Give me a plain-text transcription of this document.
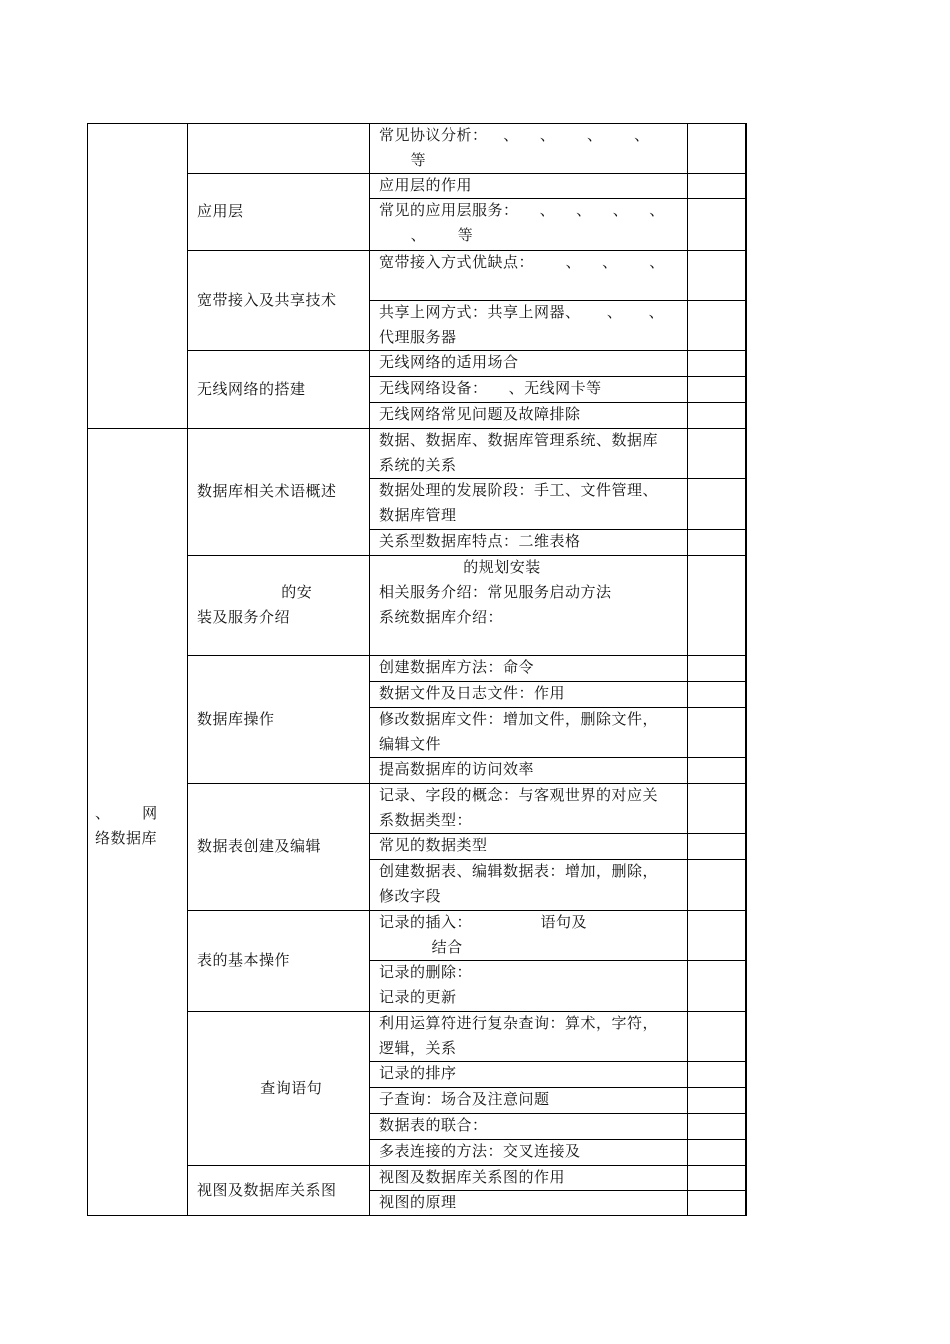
常见协议分析：   、    、      、      、
等
应用层的作用
常见的应用层服务：    、    、    、    、
、      等
应用层
宽带接入方式优缺点：      、    、      、
共享上网方式：共享上网器、     、     、
代理服务器
宽带接入及共享技术
无线网络的适用场合
无线网络设备：    、无线网卡等
无线网络常见问题及故障排除
无线网络的搭建
数据、数据库、数据库管理系统、数据库
系统的关系
数据处理的发展阶段：手工、文件管理、
数据库管理
关系型数据库特点：二维表格
数据库相关术语概述
的规划安装
相关服务介绍：常见服务启动方法
系统数据库介绍：
的安
装及服务介绍
创建数据库方法：命令
数据文件及日志文件：作用
修改数据库文件：增加文件，删除文件，
编辑文件
提高数据库的访问效率
数据库操作
记录、字段的概念：与客观世界的对应关
系数据类型：
常见的数据类型
创建数据表、编辑数据表：增加，删除，
修改字段
数据表创建及编辑
记录的插入：             语句及
结合
记录的删除：
记录的更新
表的基本操作
利用运算符进行复杂查询：算术，字符，
逻辑，关系
记录的排序
子查询：场合及注意问题
数据表的联合：
多表连接的方法：交叉连接及
查询语句
视图及数据库关系图的作用
视图的原理
视图及数据库关系图
、      网
络数据库
